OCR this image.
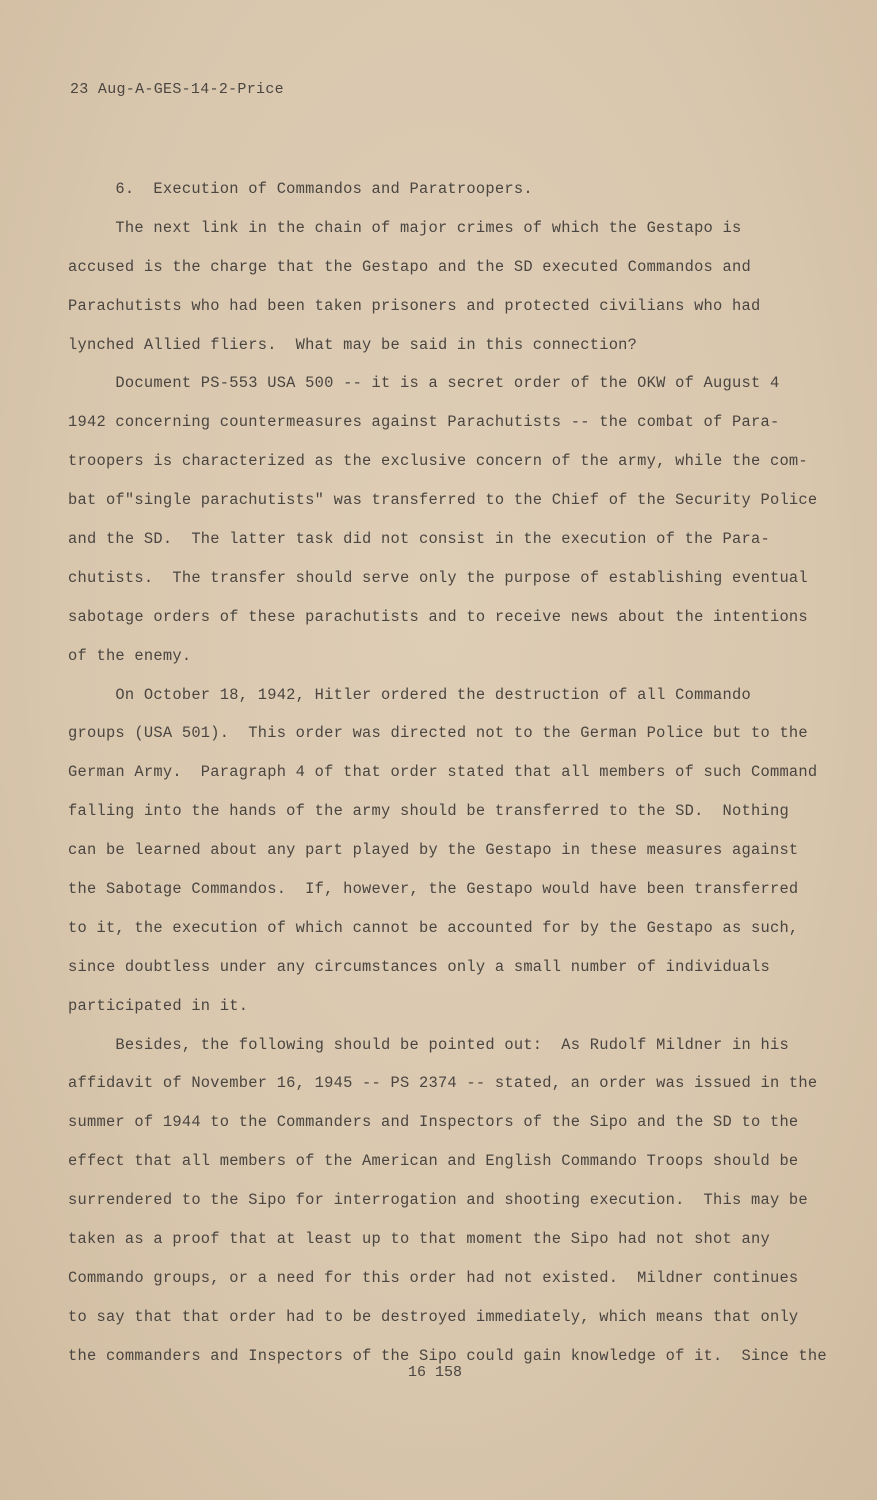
23 Aug-A-GES-14-2-Price
6.  Execution of Commandos and Paratroopers.
The next link in the chain of major crimes of which the Gestapo is
accused is the charge that the Gestapo and the SD executed Commandos and
Parachutists who had been taken prisoners and protected civilians who had
lynched Allied fliers.  What may be said in this connection?
Document PS-553 USA 500 -- it is a secret order of the OKW of August 4
1942 concerning countermeasures against Parachutists -- the combat of Para-
troopers is characterized as the exclusive concern of the army, while the com-
bat of"single parachutists" was transferred to the Chief of the Security Police
and the SD.  The latter task did not consist in the execution of the Para-
chutists.  The transfer should serve only the purpose of establishing eventual
sabotage orders of these parachutists and to receive news about the intentions
of the enemy.
On October 18, 1942, Hitler ordered the destruction of all Commando
groups (USA 501).  This order was directed not to the German Police but to the
German Army.  Paragraph 4 of that order stated that all members of such Command
falling into the hands of the army should be transferred to the SD.  Nothing
can be learned about any part played by the Gestapo in these measures against
the Sabotage Commandos.  If, however, the Gestapo would have been transferred
to it, the execution of which cannot be accounted for by the Gestapo as such,
since doubtless under any circumstances only a small number of individuals
participated in it.
Besides, the following should be pointed out:  As Rudolf Mildner in his
affidavit of November 16, 1945 -- PS 2374 -- stated, an order was issued in the
summer of 1944 to the Commanders and Inspectors of the Sipo and the SD to the
effect that all members of the American and English Commando Troops should be
surrendered to the Sipo for interrogation and shooting execution.  This may be
taken as a proof that at least up to that moment the Sipo had not shot any
Commando groups, or a need for this order had not existed.  Mildner continues
to say that that order had to be destroyed immediately, which means that only
the commanders and Inspectors of the Sipo could gain knowledge of it.  Since the
16 158
